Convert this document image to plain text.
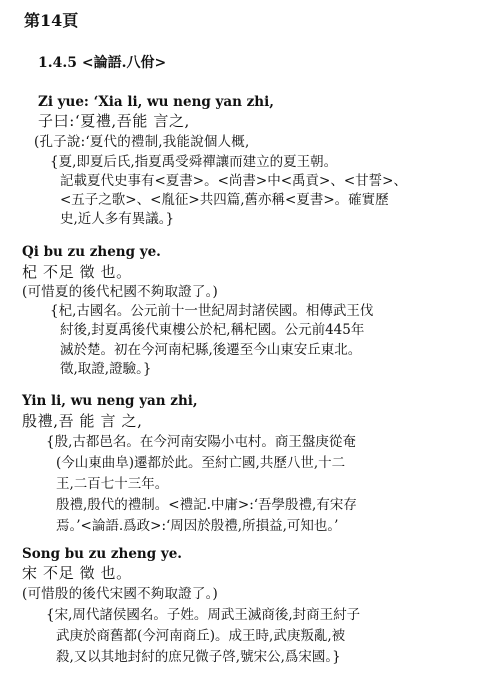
第14頁
1.4.5 <論語.八佾>
Zi yue: ‘Xia li, wu neng yan zhi,
子曰:‘夏禮,吾能 言之,
(孔子說:‘夏代的禮制,我能說個人概,
{夏,即夏后氏,指夏禹受舜禪讓而建立的夏王朝。
記載夏代史事有<夏書>。<尚書>中<禹貢>、<甘誓>、
<五子之歌>、<胤征>共四篇,舊亦稱<夏書>。確實歷
史,近人多有異議。}
Qi bu zu zheng ye.
杞 不足 徵 也。
(可惜夏的後代杞國不夠取證了。)
{杞,古國名。公元前十一世紀周封諸侯國。相傳武王伐
紂後,封夏禹後代東樓公於杞,稱杞國。公元前445年
滅於楚。初在今河南杞縣,後遷至今山東安丘東北。
徵,取證,證驗。}
Yin li, wu neng yan zhi,
殷禮,吾 能 言 之,
{殷,古都邑名。在今河南安陽小屯村。商王盤庚從奄
(今山東曲阜)遷都於此。至紂亡國,共歷八世,十二
王,二百七十三年。
殷禮,殷代的禮制。<禮記.中庸>:‘吾學殷禮,有宋存
焉。’<論語.爲政>:‘周因於殷禮,所損益,可知也。’
Song bu zu zheng ye.
宋 不足 徵 也。
(可惜殷的後代宋國不夠取證了。)
{宋,周代諸侯國名。子姓。周武王滅商後,封商王紂子
武庚於商舊都(今河南商丘)。成王時,武庚叛亂,被
殺,又以其地封紂的庶兄微子啓,號宋公,爲宋國。}
